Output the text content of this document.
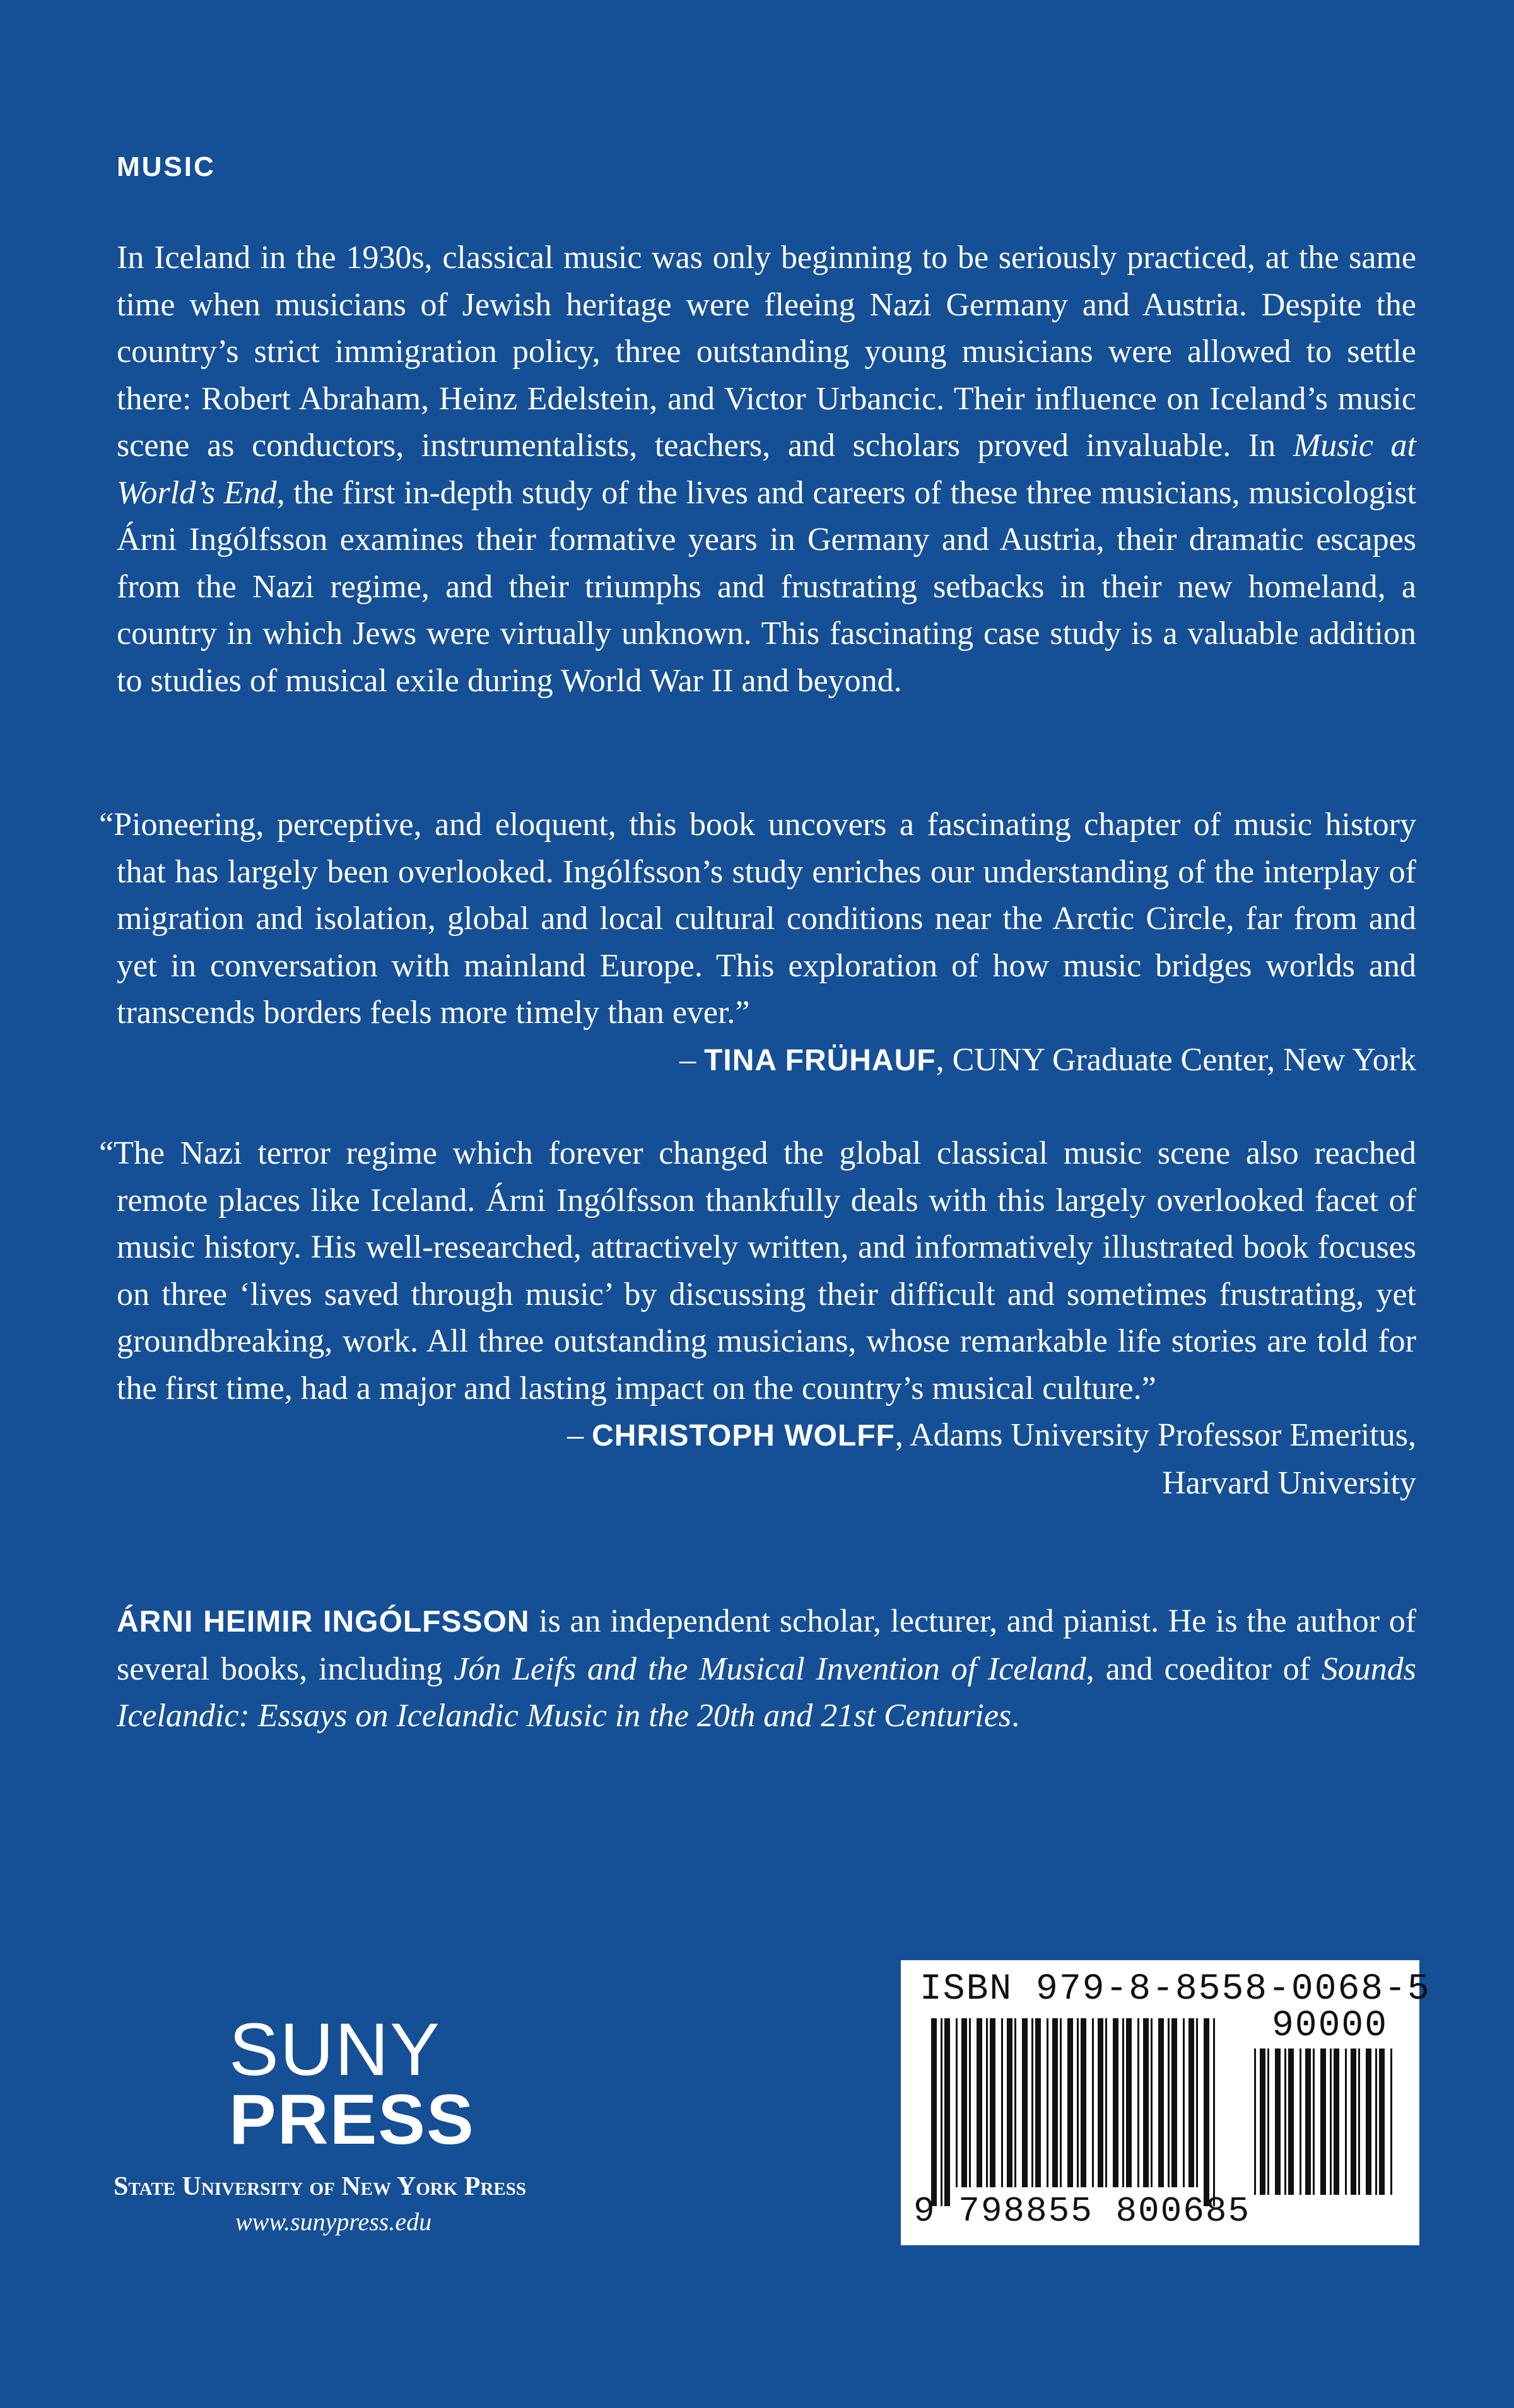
MUSIC

In Iceland in the 1930s, classical music was only beginning to be seriously practiced, at the same time when musicians of Jewish heritage were fleeing Nazi Germany and Austria. Despite the country’s strict immigration policy, three outstanding young musicians were allowed to settle there: Robert Abraham, Heinz Edelstein, and Victor Urbancic. Their influence on Iceland’s music scene as conductors, instrumentalists, teachers, and scholars proved invaluable. In Music at World’s End, the first in-depth study of the lives and careers of these three musicians, musicologist Árni Ingólfsson examines their formative years in Germany and Austria, their dramatic escapes from the Nazi regime, and their triumphs and frustrating setbacks in their new homeland, a country in which Jews were virtually unknown. This fascinating case study is a valuable addition to studies of musical exile during World War II and beyond.

“Pioneering, perceptive, and eloquent, this book uncovers a fascinating chapter of music history that has largely been overlooked. Ingólfsson’s study enriches our understanding of the interplay of migration and isolation, global and local cultural conditions near the Arctic Circle, far from and yet in conversation with mainland Europe. This exploration of how music bridges worlds and transcends borders feels more timely than ever.”

– TINA FRÜHAUF, CUNY Graduate Center, New York

“The Nazi terror regime which forever changed the global classical music scene also reached remote places like Iceland. Árni Ingólfsson thankfully deals with this largely overlooked facet of music history. His well-researched, attractively written, and informatively illustrated book focuses on three ‘lives saved through music’ by discussing their difficult and sometimes frustrating, yet groundbreaking, work. All three outstanding musicians, whose remarkable life stories are told for the first time, had a major and lasting impact on the country’s musical culture.”

– CHRISTOPH WOLFF, Adams University Professor Emeritus,
Harvard University

ÁRNI HEIMIR INGÓLFSSON is an independent scholar, lecturer, and pianist. He is the author of several books, including Jón Leifs and the Musical Invention of Iceland, and coeditor of Sounds Icelandic: Essays on Icelandic Music in the 20th and 21st Centuries.

SUNY
PRESS
State University of New York Press
www.sunypress.edu
ISBN 979-8-8558-0068-5
90000
9 798855 800685
